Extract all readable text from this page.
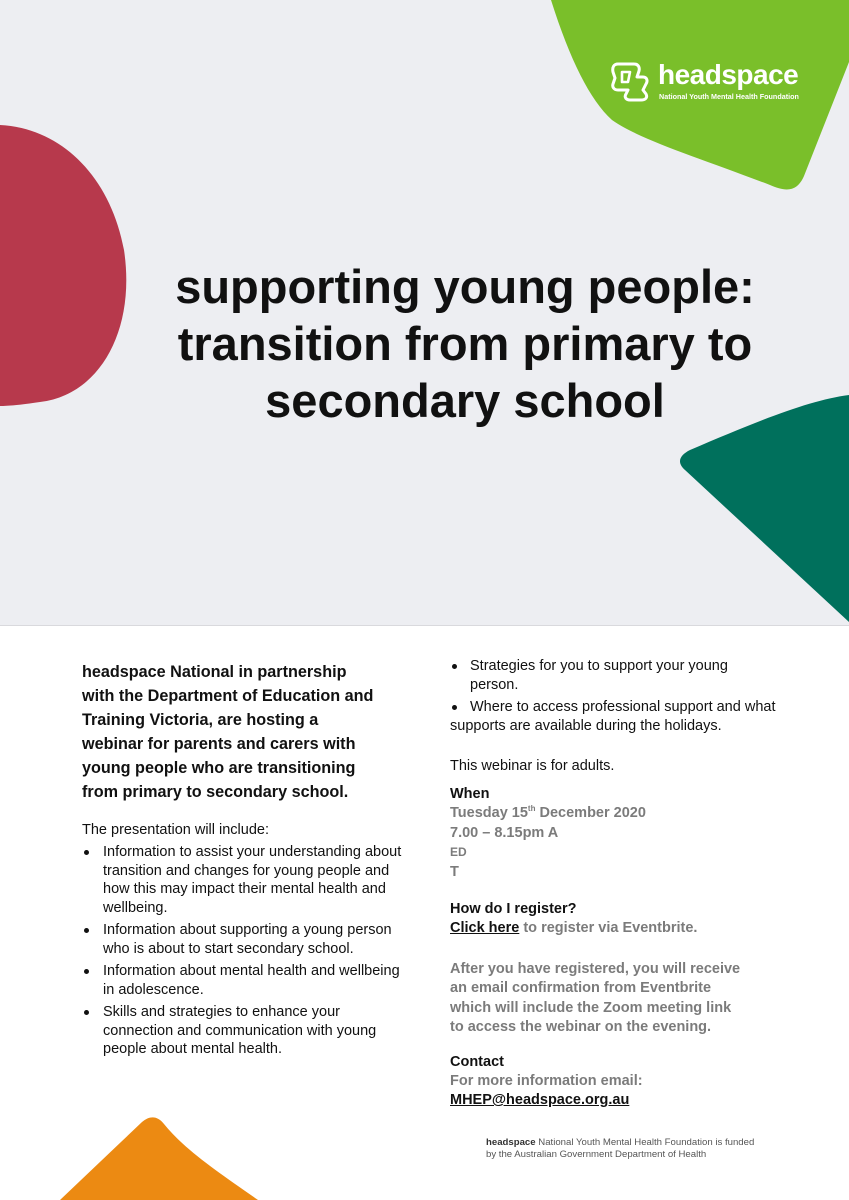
headspace
National Youth Mental Health Foundation
supporting young people:
transition from primary to
secondary school

headspace National in partnership
with the Department of Education and
Training Victoria, are hosting a
webinar for parents and carers with
young people who are transitioning
from primary to secondary school.

The presentation will include:

Information to assist your understanding about transition and changes for young people and how this may impact their mental health and wellbeing.
Information about supporting a young person who is about to start secondary school.
Information about mental health and wellbeing in adolescence.
Skills and strategies to enhance your connection and communication with young people about mental health.
Strategies for you to support your young person.
Where to access professional support and what supports are available during the holidays.

This webinar is for adults.

When

Tuesday 15th December 2020

7.00 – 8.15pm A
ED
T

How do I register?

Click here to register via Eventbrite.

After you have registered, you will receive
an email confirmation from Eventbrite
which will include the Zoom meeting link
to access the webinar on the evening.

Contact

For more information email:

MHEP@headspace.org.au

headspace National Youth Mental Health Foundation is funded
by the Australian Government Department of Health
